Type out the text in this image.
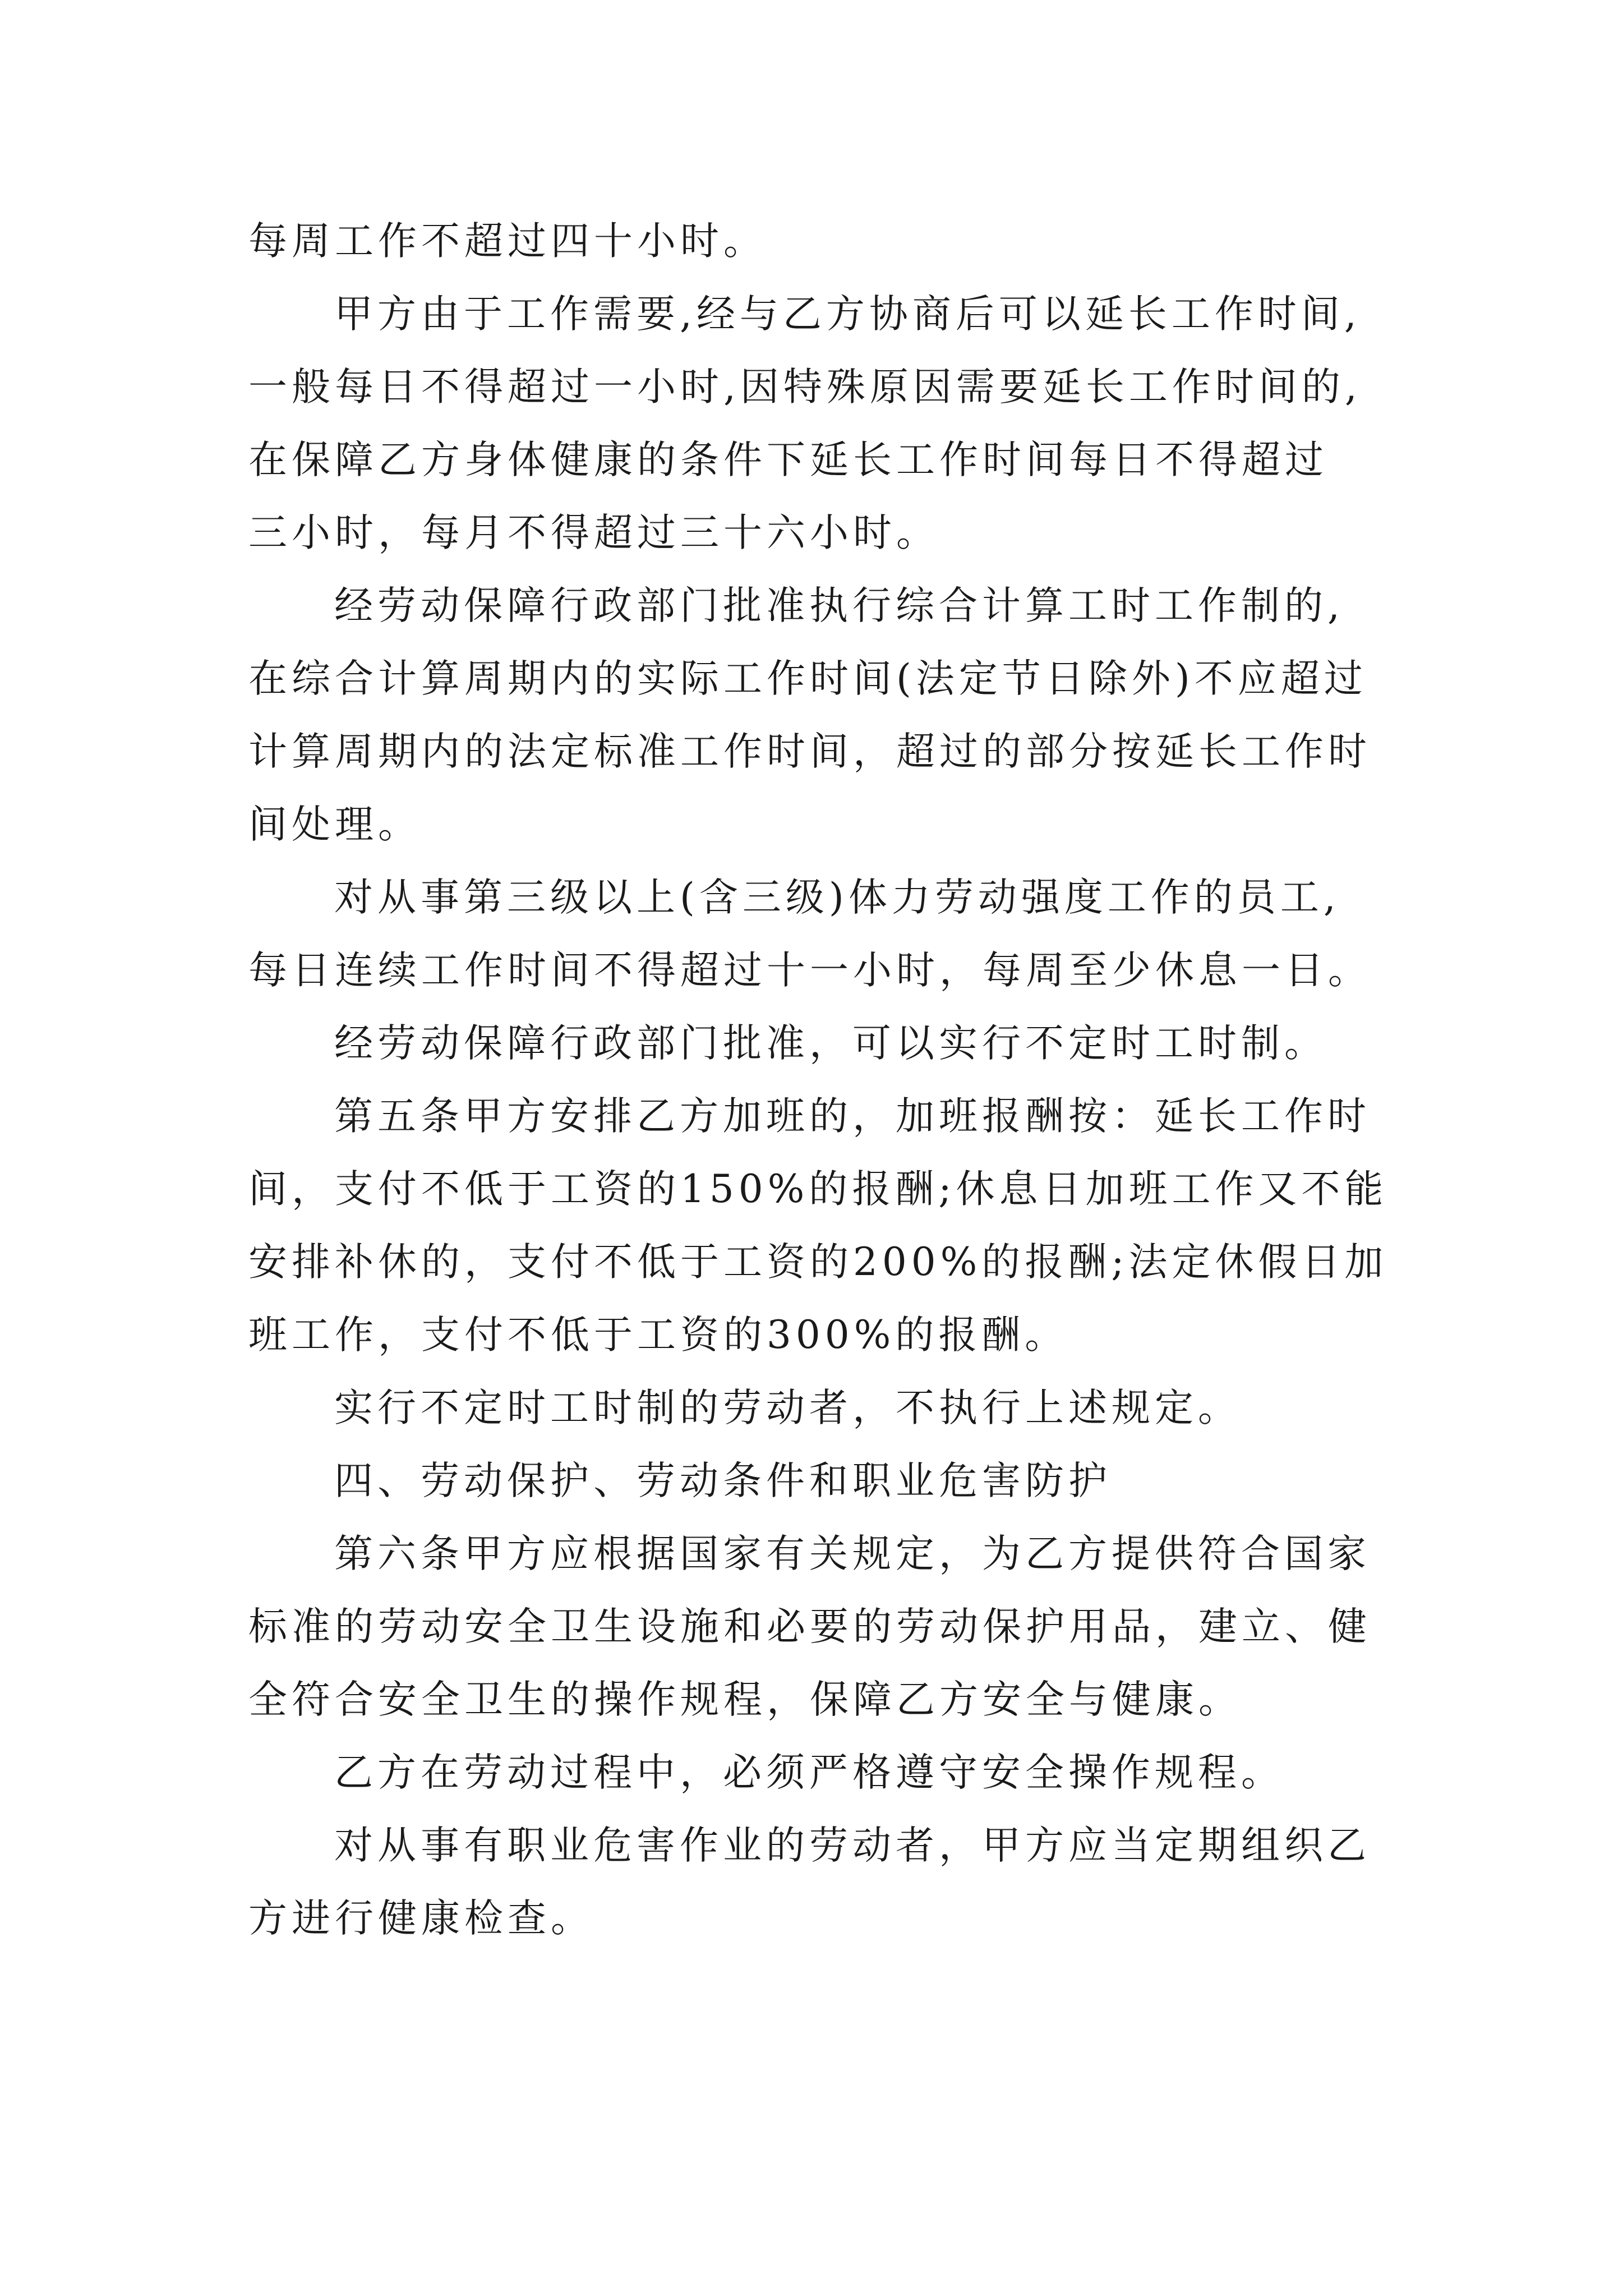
每周工作不超过四十小时。
甲方由于工作需要,经与乙方协商后可以延长工作时间,
一般每日不得超过一小时,因特殊原因需要延长工作时间的,
在保障乙方身体健康的条件下延长工作时间每日不得超过
三小时，每月不得超过三十六小时。
经劳动保障行政部门批准执行综合计算工时工作制的,
在综合计算周期内的实际工作时间(法定节日除外)不应超过
计算周期内的法定标准工作时间，超过的部分按延长工作时
间处理。
对从事第三级以上(含三级)体力劳动强度工作的员工,
每日连续工作时间不得超过十一小时，每周至少休息一日。
经劳动保障行政部门批准，可以实行不定时工时制。
第五条甲方安排乙方加班的，加班报酬按：延长工作时
间，支付不低于工资的150%的报酬;休息日加班工作又不能
安排补休的，支付不低于工资的200%的报酬;法定休假日加
班工作，支付不低于工资的300%的报酬。
实行不定时工时制的劳动者，不执行上述规定。
四、劳动保护、劳动条件和职业危害防护
第六条甲方应根据国家有关规定，为乙方提供符合国家
标准的劳动安全卫生设施和必要的劳动保护用品，建立、健
全符合安全卫生的操作规程，保障乙方安全与健康。
乙方在劳动过程中，必须严格遵守安全操作规程。
对从事有职业危害作业的劳动者，甲方应当定期组织乙
方进行健康检查。
